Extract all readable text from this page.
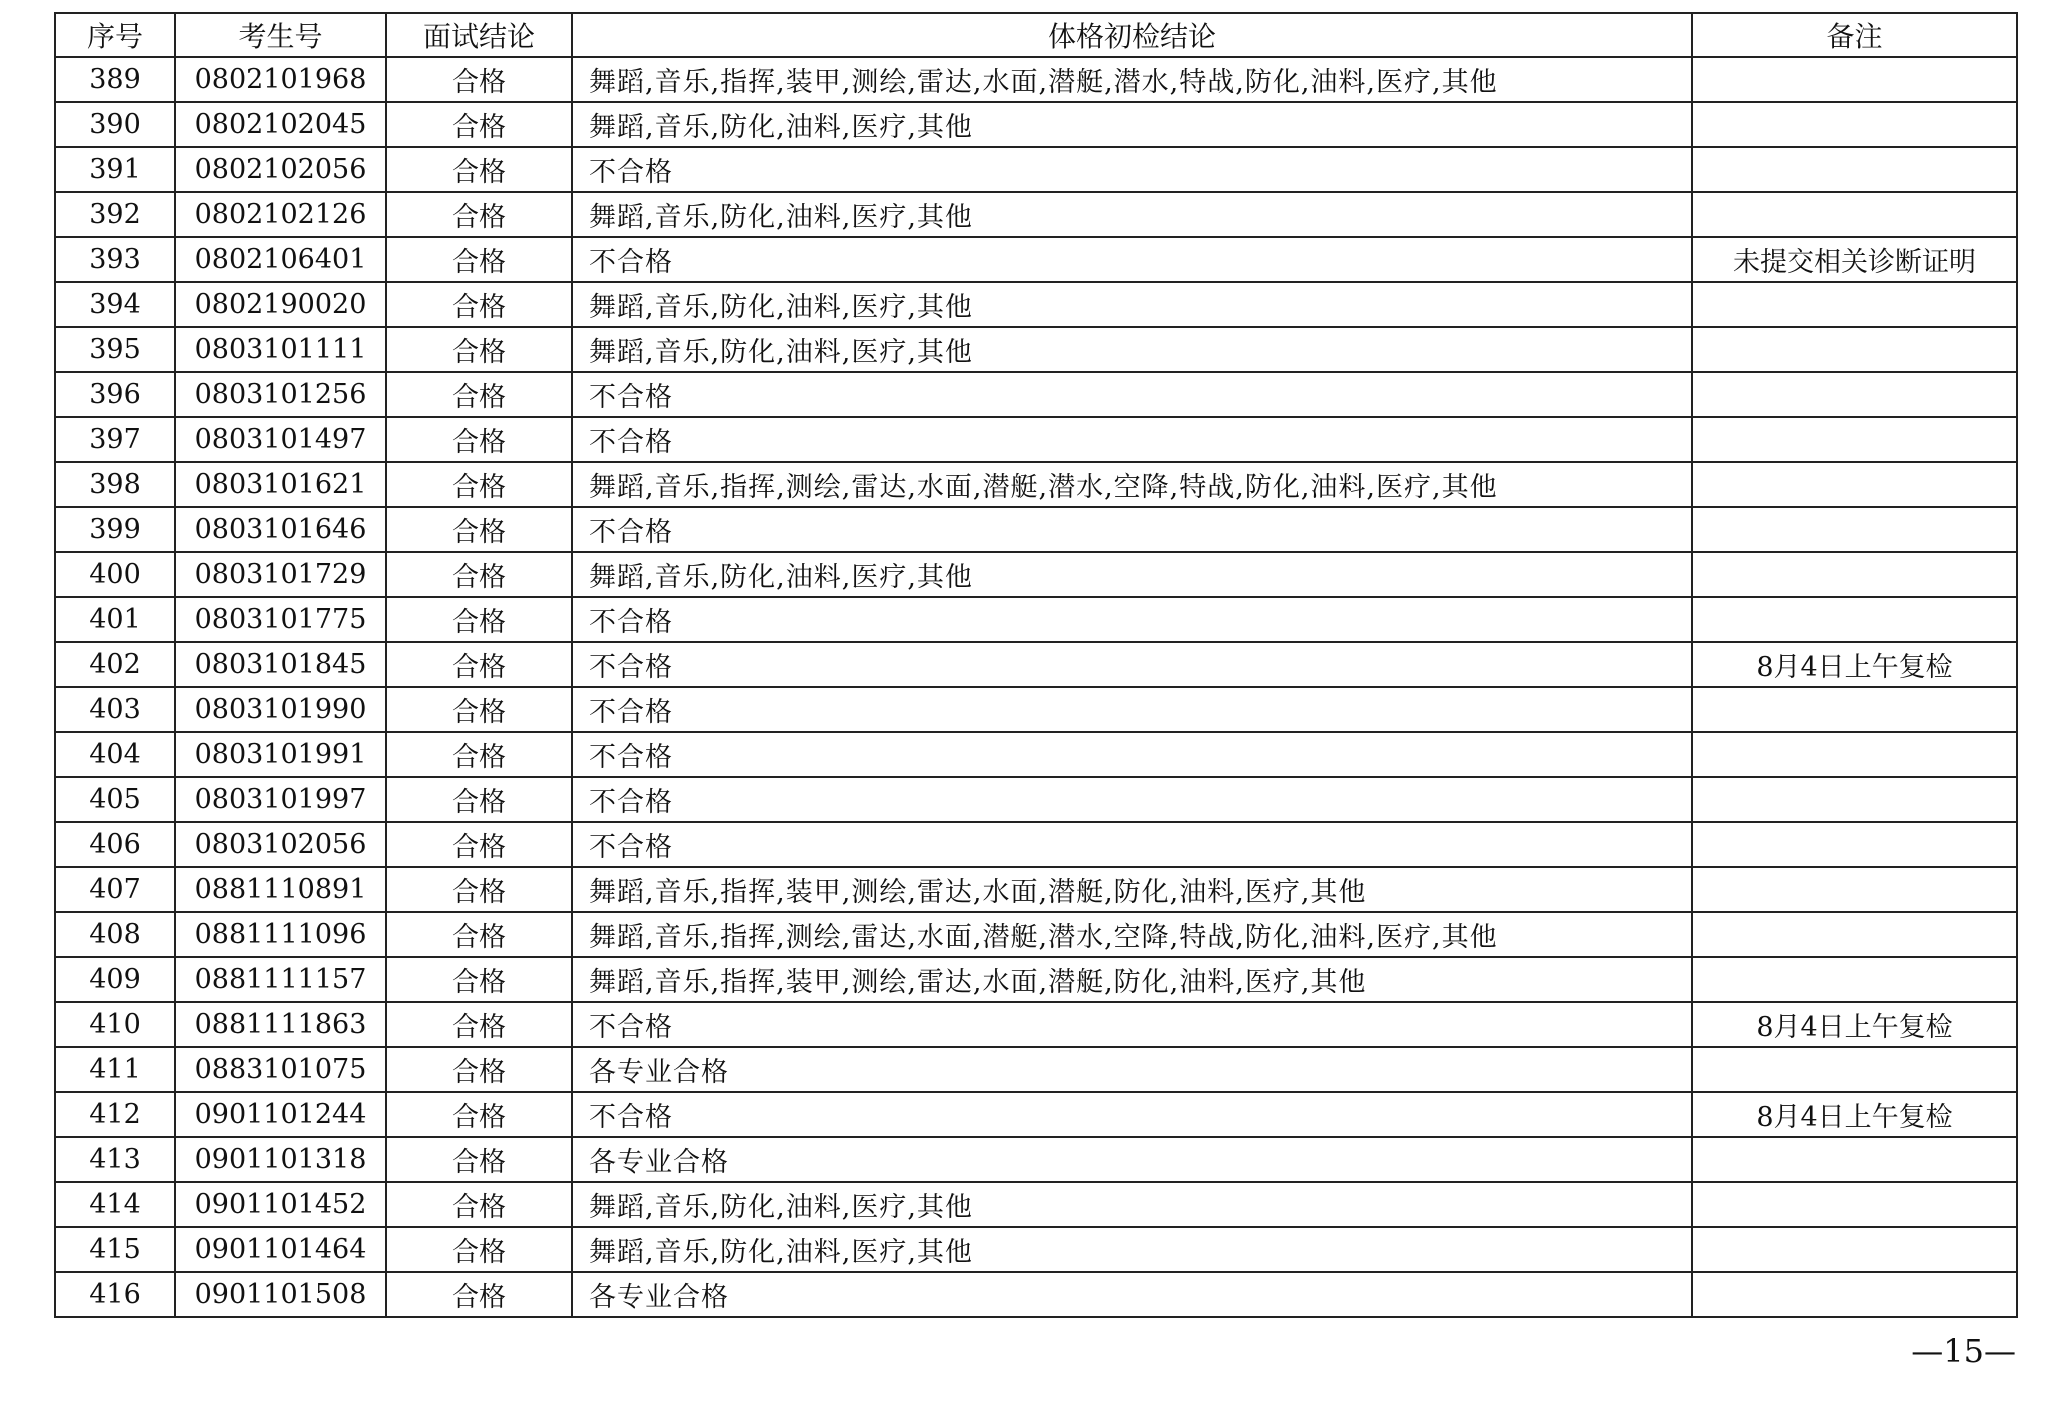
序号	考生号	面试结论	体格初检结论	备注
389	0802101968	合格	舞蹈,音乐,指挥,装甲,测绘,雷达,水面,潜艇,潜水,特战,防化,油料,医疗,其他	
390	0802102045	合格	舞蹈,音乐,防化,油料,医疗,其他	
391	0802102056	合格	不合格	
392	0802102126	合格	舞蹈,音乐,防化,油料,医疗,其他	
393	0802106401	合格	不合格	未提交相关诊断证明
394	0802190020	合格	舞蹈,音乐,防化,油料,医疗,其他	
395	0803101111	合格	舞蹈,音乐,防化,油料,医疗,其他	
396	0803101256	合格	不合格	
397	0803101497	合格	不合格	
398	0803101621	合格	舞蹈,音乐,指挥,测绘,雷达,水面,潜艇,潜水,空降,特战,防化,油料,医疗,其他	
399	0803101646	合格	不合格	
400	0803101729	合格	舞蹈,音乐,防化,油料,医疗,其他	
401	0803101775	合格	不合格	
402	0803101845	合格	不合格	8月4日上午复检
403	0803101990	合格	不合格	
404	0803101991	合格	不合格	
405	0803101997	合格	不合格	
406	0803102056	合格	不合格	
407	0881110891	合格	舞蹈,音乐,指挥,装甲,测绘,雷达,水面,潜艇,防化,油料,医疗,其他	
408	0881111096	合格	舞蹈,音乐,指挥,测绘,雷达,水面,潜艇,潜水,空降,特战,防化,油料,医疗,其他	
409	0881111157	合格	舞蹈,音乐,指挥,装甲,测绘,雷达,水面,潜艇,防化,油料,医疗,其他	
410	0881111863	合格	不合格	8月4日上午复检
411	0883101075	合格	各专业合格	
412	0901101244	合格	不合格	8月4日上午复检
413	0901101318	合格	各专业合格	
414	0901101452	合格	舞蹈,音乐,防化,油料,医疗,其他	
415	0901101464	合格	舞蹈,音乐,防化,油料,医疗,其他	
416	0901101508	合格	各专业合格	
—15—
